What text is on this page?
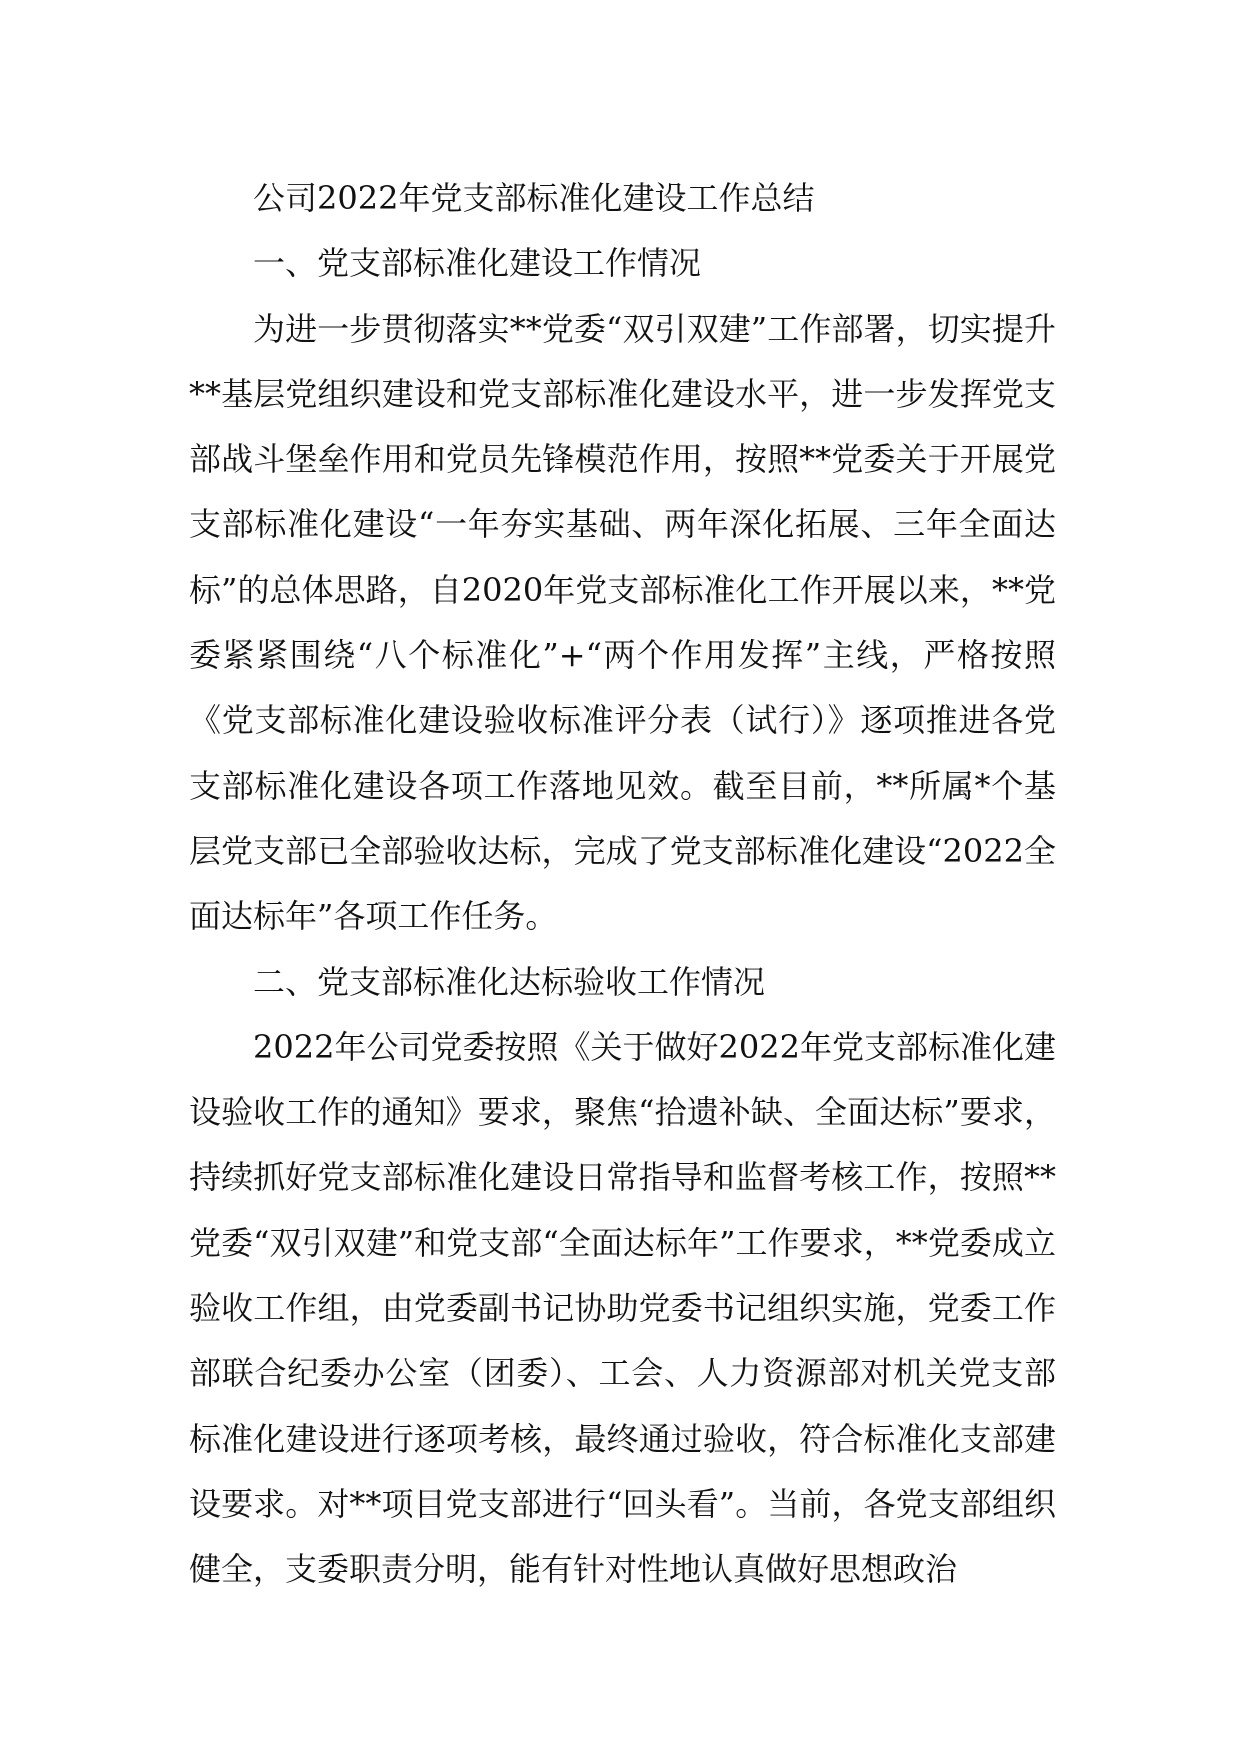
公司2022年党支部标准化建设工作总结

一、党支部标准化建设工作情况

为进一步贯彻落实**党委“双引双建”工作部署，切实提升**基层党组织建设和党支部标准化建设水平，进一步发挥党支部战斗堡垒作用和党员先锋模范作用，按照**党委关于开展党支部标准化建设“一年夯实基础、两年深化拓展、三年全面达标”的总体思路，自2020年党支部标准化工作开展以来，**党委紧紧围绕“八个标准化”+“两个作用发挥”主线，严格按照《党支部标准化建设验收标准评分表（试行）》逐项推进各党支部标准化建设各项工作落地见效。截至目前，**所属*个基层党支部已全部验收达标，完成了党支部标准化建设“2022全面达标年”各项工作任务。

二、党支部标准化达标验收工作情况

2022年公司党委按照《关于做好2022年党支部标准化建设验收工作的通知》要求，聚焦“拾遗补缺、全面达标”要求，持续抓好党支部标准化建设日常指导和监督考核工作，按照**党委“双引双建”和党支部“全面达标年”工作要求，**党委成立验收工作组，由党委副书记协助党委书记组织实施，党委工作部联合纪委办公室（团委）、工会、人力资源部对机关党支部标准化建设进行逐项考核，最终通过验收，符合标准化支部建设要求。对**项目党支部进行“回头看”。当前，各党支部组织健全，支委职责分明，能有针对性地认真做好思想政治
